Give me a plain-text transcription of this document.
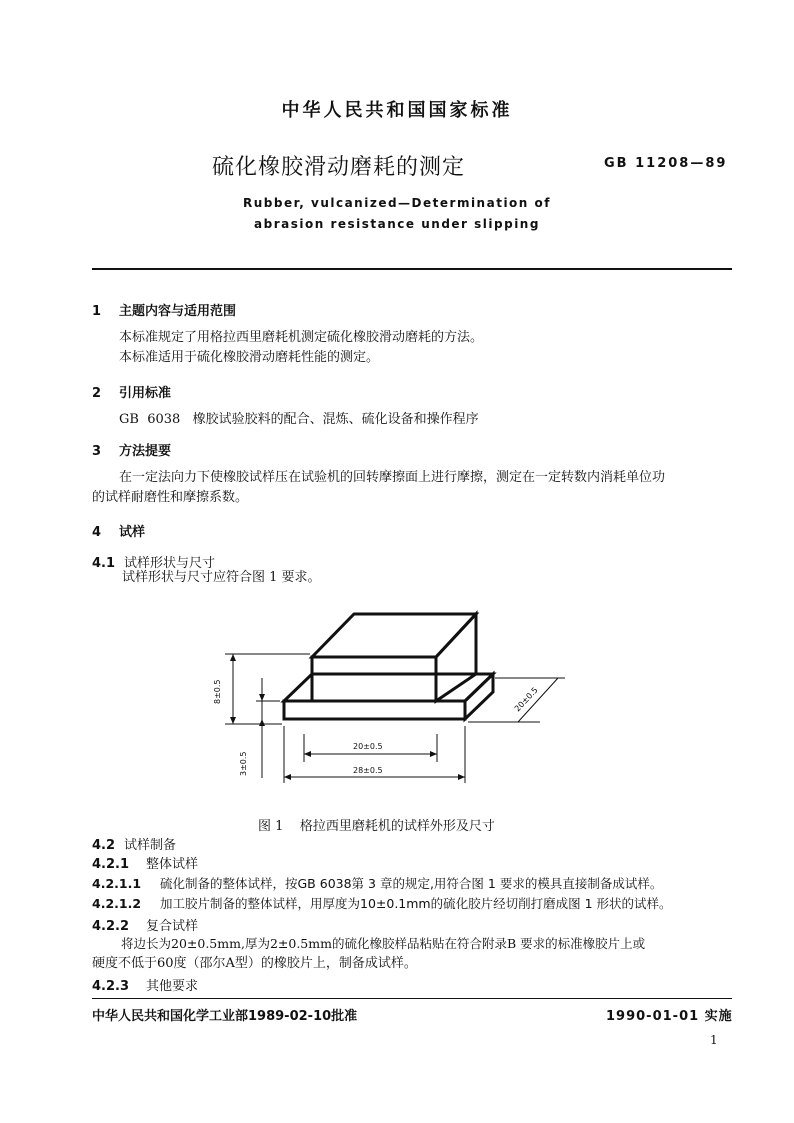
中华人民共和国国家标准
硫化橡胶滑动磨耗的测定	GB 11208—89
Rubber, vulcanized—Determination of
abrasion resistance under slipping
1 主题内容与适用范围
本标准规定了用格拉西里磨耗机测定硫化橡胶滑动磨耗的方法。
本标准适用于硫化橡胶滑动磨耗性能的测定。
2 引用标准
GB  6038   橡胶试验胶料的配合、混炼、硫化设备和操作程序
3 方法提要
在一定法向力下使橡胶试样压在试验机的回转摩擦面上进行摩擦，测定在一定转数内消耗单位功
的试样耐磨性和摩擦系数。
4 试样
4.1 试样形状与尺寸
试样形状与尺寸应符合图 1 要求。
8±0.5
3±0.5
20±0.5
28±0.5
20±0.5
图 1    格拉西里磨耗机的试样外形及尺寸
4.2 试样制备
4.2.1 整体试样
4.2.1.1 硫化制备的整体试样，按GB 6038第 3 章的规定,用符合图 1 要求的模具直接制备成试样。
4.2.1.2 加工胶片制备的整体试样，用厚度为10±0.1mm的硫化胶片经切削打磨成图 1 形状的试样。
4.2.2 复合试样
将边长为20±0.5mm,厚为2±0.5mm的硫化橡胶样品粘贴在符合附录B 要求的标准橡胶片上或
硬度不低于60度（邵尔A型）的橡胶片上，制备成试样。
4.2.3 其他要求
中华人民共和国化学工业部1989-02-10批准	1990-01-01 实施
1
